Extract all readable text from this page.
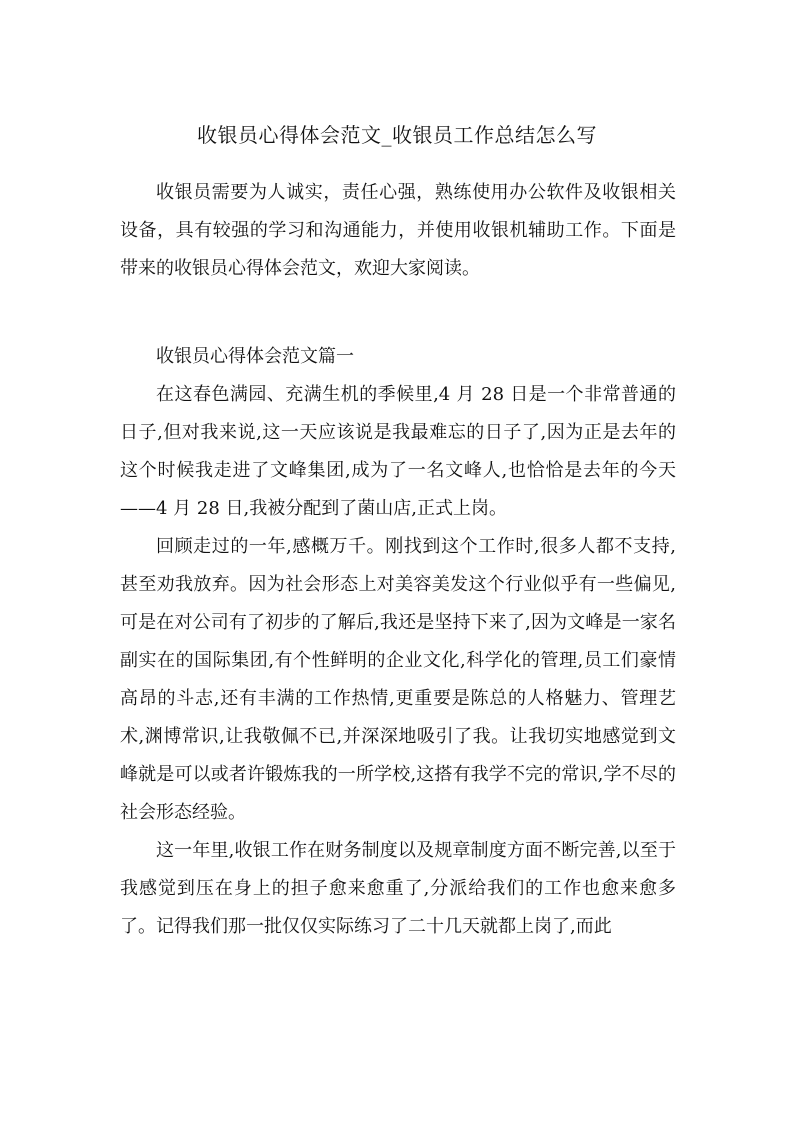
收银员心得体会范文_收银员工作总结怎么写

收银员需要为人诚实，责任心强，熟练使用办公软件及收银相关设备，具有较强的学习和沟通能力，并使用收银机辅助工作。下面是带来的收银员心得体会范文，欢迎大家阅读。

收银员心得体会范文篇一

在这春色满园、充满生机的季候里,4 月 28 日是一个非常普通的日子,但对我来说,这一天应该说是我最难忘的日子了,因为正是去年的这个时候我走进了文峰集团,成为了一名文峰人,也恰恰是去年的今天——4 月 28 日,我被分配到了菌山店,正式上岗。

回顾走过的一年,感概万千。刚找到这个工作时,很多人都不支持,甚至劝我放弃。因为社会形态上对美容美发这个行业似乎有一些偏见,可是在对公司有了初步的了解后,我还是坚持下来了,因为文峰是一家名副实在的国际集团,有个性鲜明的企业文化,科学化的管理,员工们豪情高昂的斗志,还有丰满的工作热情,更重要是陈总的人格魅力、管理艺术,渊博常识,让我敬佩不已,并深深地吸引了我。让我切实地感觉到文峰就是可以或者许锻炼我的一所学校,这搭有我学不完的常识,学不尽的社会形态经验。

这一年里,收银工作在财务制度以及规章制度方面不断完善,以至于我感觉到压在身上的担子愈来愈重了,分派给我们的工作也愈来愈多了。记得我们那一批仅仅实际练习了二十几天就都上岗了,而此
